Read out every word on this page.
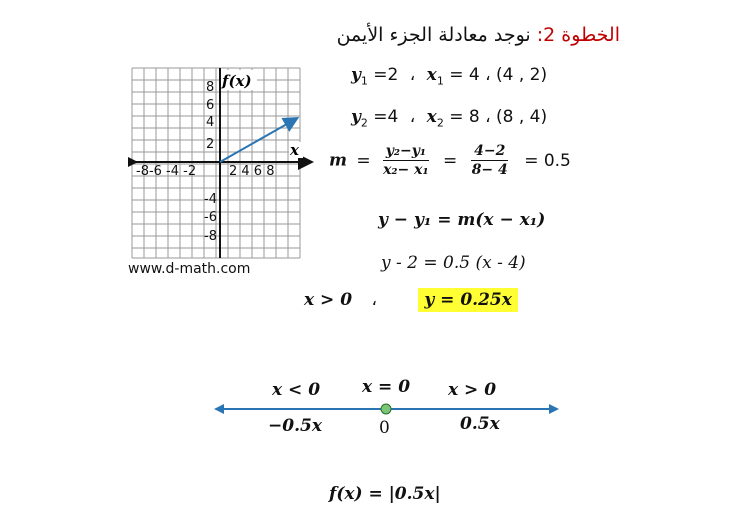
الخطوة 2: نوجد معادلة الجزء الأيمن
f(x)
x
8
6
4
2
-4
-6
-8
-8-6 -4 -2	2 4 6 8
www.d-math.com
$y_1 =2$ ، $x_1 = 4$ ، (4 , 2)
$y_2 =4$ ، $x_2 = 8$ ، (8 , 4)
$m = \frac{\text{y₂−y₁}}{\text{x₂− x₁}} = \frac{4-2}{8- 4} = 0.5$
y − y₁ = m(x − x₁)
y - 2 = 0.5 (x - 4)
x > 0 ،	y = 0.25x
x < 0 x = 0 x > 0
−0.5x	0	0.5x
f(x) = |0.5x|
